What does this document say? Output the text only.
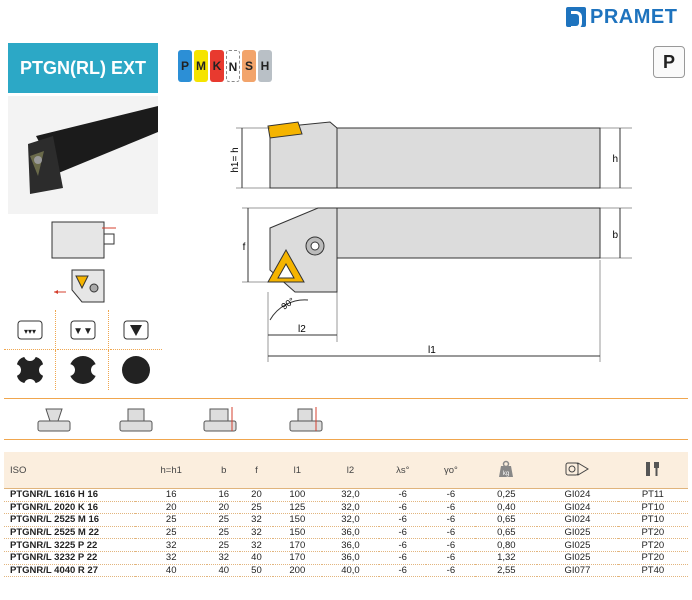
PRAMET
PTGN(RL) EXT	P M K N S H	P
▾▾▾	▼▼
h
h1= h
f
b
90°
l2
l1
ISO	h=h1	b	f	l1	l2	λs°	γo°	kg

PTGNR/L 1616 H 16	16	16	20	100	32,0	-6	-6	0,25	GI024	PT11
PTGNR/L 2020 K 16	20	20	25	125	32,0	-6	-6	0,40	GI024	PT10
PTGNR/L 2525 M 16	25	25	32	150	32,0	-6	-6	0,65	GI024	PT10
PTGNR/L 2525 M 22	25	25	32	150	36,0	-6	-6	0,65	GI025	PT20
PTGNR/L 3225 P 22	32	25	32	170	36,0	-6	-6	0,80	GI025	PT20
PTGNR/L 3232 P 22	32	32	40	170	36,0	-6	-6	1,32	GI025	PT20
PTGNR/L 4040 R 27	40	40	50	200	40,0	-6	-6	2,55	GI077	PT40
